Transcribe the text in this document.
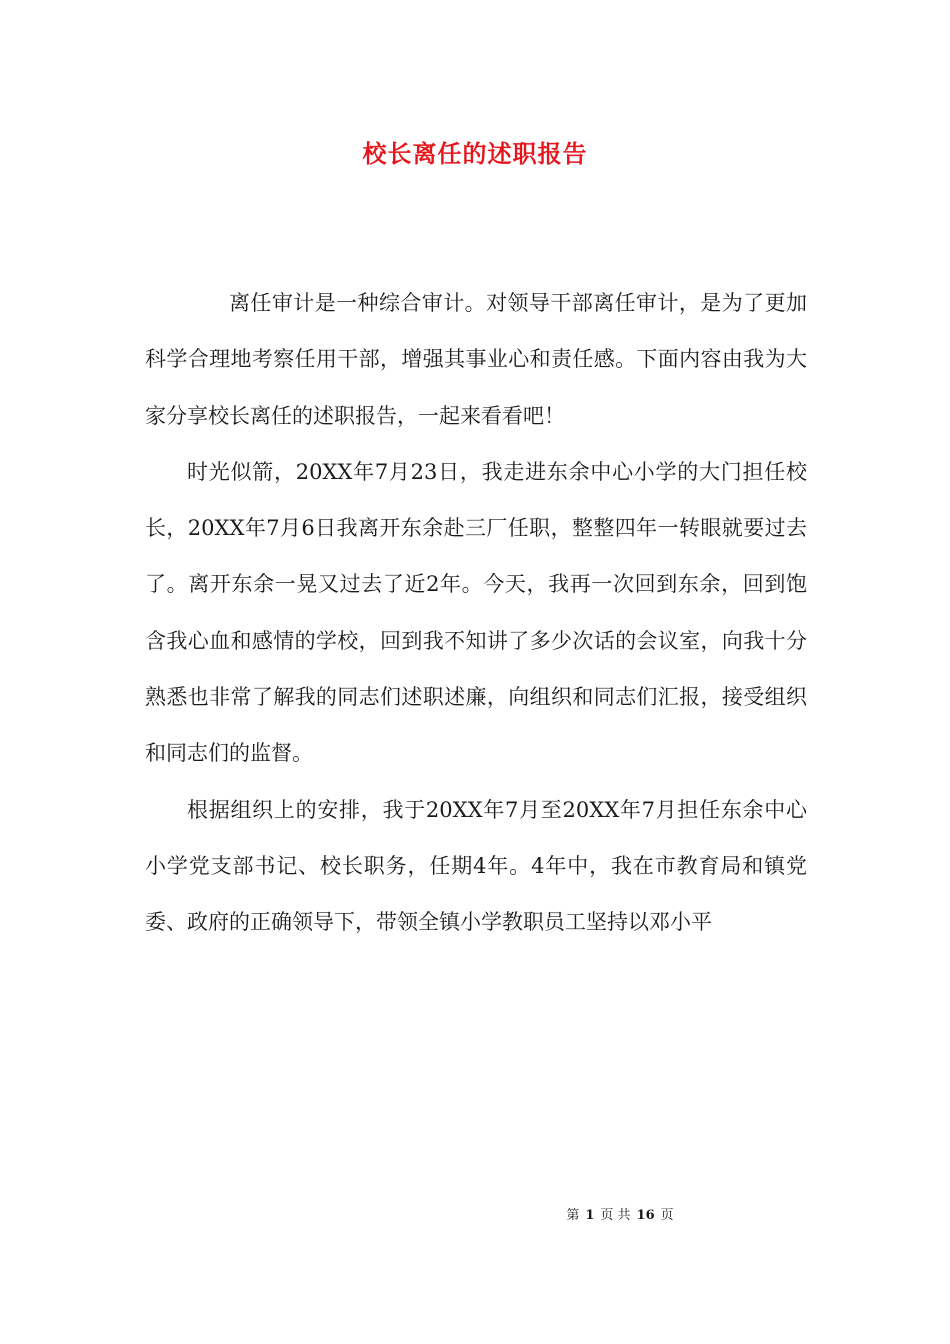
校长离任的述职报告

离任审计是一种综合审计。对领导干部离任审计，是为了更加科学合理地考察任用干部，增强其事业心和责任感。下面内容由我为大家分享校长离任的述职报告，一起来看看吧！

时光似箭，20XX年7月23日，我走进东余中心小学的大门担任校长，20XX年7月6日我离开东余赴三厂任职，整整四年一转眼就要过去了。离开东余一晃又过去了近2年。今天，我再一次回到东余，回到饱含我心血和感情的学校，回到我不知讲了多少次话的会议室，向我十分熟悉也非常了解我的同志们述职述廉，向组织和同志们汇报，接受组织和同志们的监督。

根据组织上的安排，我于20XX年7月至20XX年7月担任东余中心小学党支部书记、校长职务，任期4年。4年中，我在市教育局和镇党委、政府的正确领导下，带领全镇小学教职员工坚持以邓小平

第 1 页 共 16 页
